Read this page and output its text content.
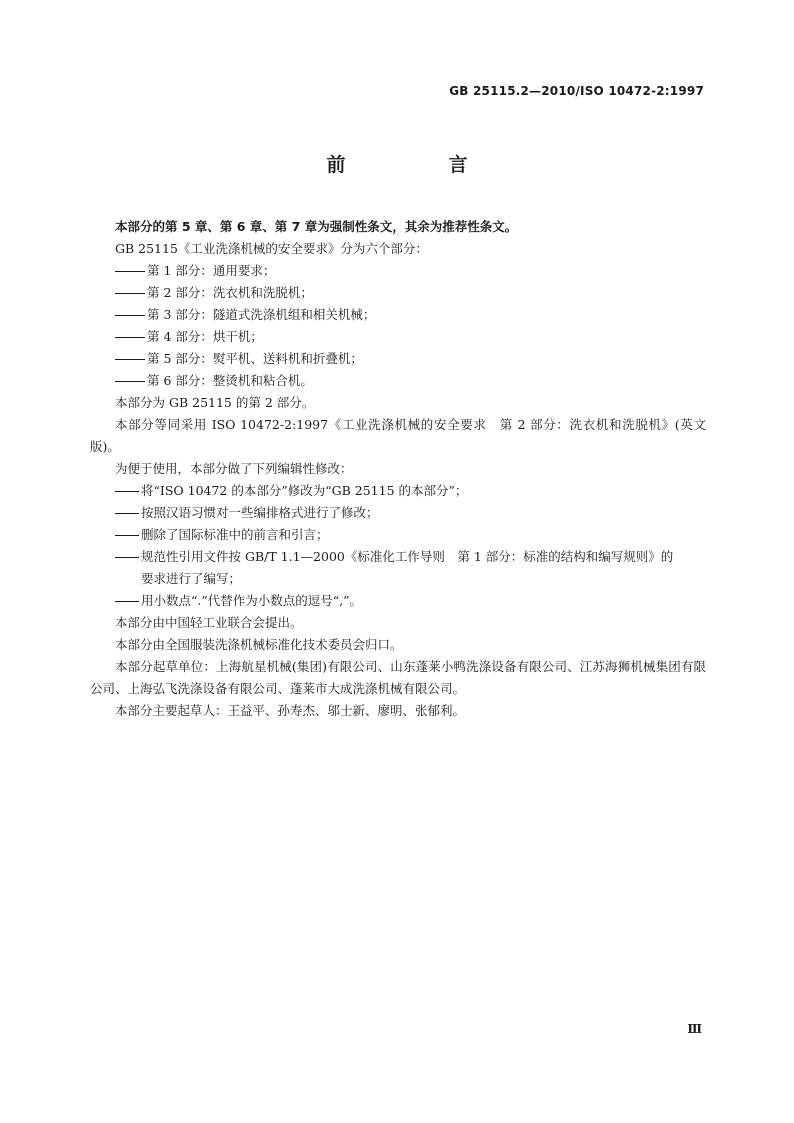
GB 25115.2—2010/ISO 10472-2:1997
前　言

本部分的第 5 章、第 6 章、第 7 章为强制性条文，其余为推荐性条文。

GB 25115《工业洗涤机械的安全要求》分为六个部分：

第 1 部分：通用要求；
第 2 部分：洗衣机和洗脱机；
第 3 部分：隧道式洗涤机组和相关机械；
第 4 部分：烘干机；
第 5 部分：熨平机、送料机和折叠机；
第 6 部分：整烫机和粘合机。

本部分为 GB 25115 的第 2 部分。

本部分等同采用 ISO 10472-2:1997《工业洗涤机械的安全要求　第 2 部分：洗衣机和洗脱机》(英文版)。

为便于使用，本部分做了下列编辑性修改：

将“ISO 10472 的本部分”修改为“GB 25115 的本部分”；
按照汉语习惯对一些编排格式进行了修改；
删除了国际标准中的前言和引言；
规范性引用文件按 GB/T 1.1—2000《标准化工作导则　第 1 部分：标准的结构和编写规则》的

要求进行了编写；

用小数点“.”代替作为小数点的逗号“,”。

本部分由中国轻工业联合会提出。

本部分由全国服装洗涤机械标准化技术委员会归口。

本部分起草单位：上海航星机械(集团)有限公司、山东蓬莱小鸭洗涤设备有限公司、江苏海狮机械集团有限公司、上海弘飞洗涤设备有限公司、蓬莱市大成洗涤机械有限公司。

本部分主要起草人：王益平、孙寿杰、邬士新、廖明、张郁利。

Ⅲ
